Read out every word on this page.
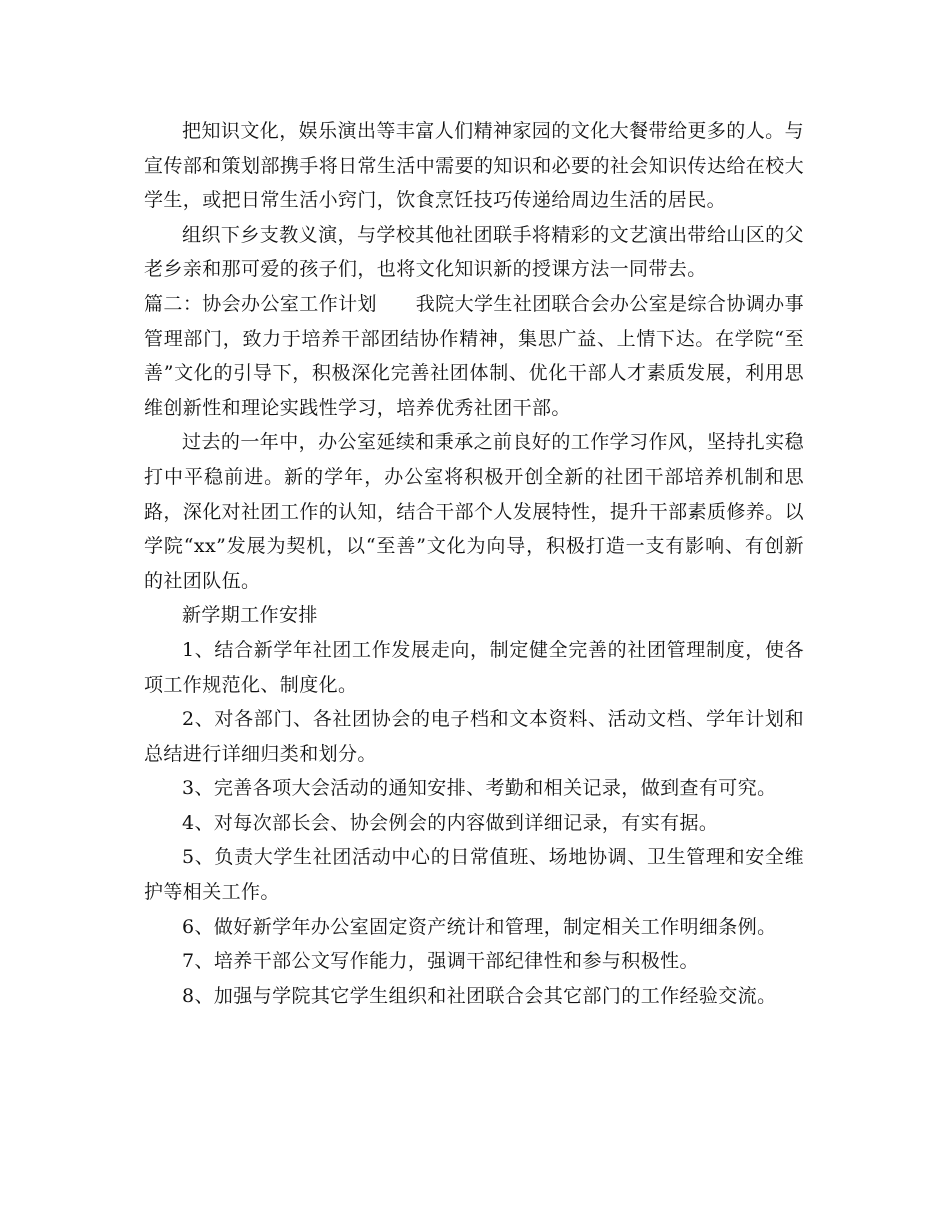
把知识文化，娱乐演出等丰富人们精神家园的文化大餐带给更多的人。与宣传部和策划部携手将日常生活中需要的知识和必要的社会知识传达给在校大学生，或把日常生活小窍门，饮食烹饪技巧传递给周边生活的居民。

组织下乡支教义演，与学校其他社团联手将精彩的文艺演出带给山区的父老乡亲和那可爱的孩子们，也将文化知识新的授课方法一同带去。

篇二：协会办公室工作计划　　 我院大学生社团联合会办公室是综合协调办事管理部门，致力于培养干部团结协作精神，集思广益、上情下达。在学院“至善”文化的引导下，积极深化完善社团体制、优化干部人才素质发展，利用思维创新性和理论实践性学习，培养优秀社团干部。

过去的一年中，办公室延续和秉承之前良好的工作学习作风，坚持扎实稳打中平稳前进。新的学年，办公室将积极开创全新的社团干部培养机制和思路，深化对社团工作的认知，结合干部个人发展特性，提升干部素质修养。以学院“xx”发展为契机，以“至善”文化为向导，积极打造一支有影响、有创新的社团队伍。

新学期工作安排

1、结合新学年社团工作发展走向，制定健全完善的社团管理制度，使各项工作规范化、制度化。

2、对各部门、各社团协会的电子档和文本资料、活动文档、学年计划和总结进行详细归类和划分。

3、完善各项大会活动的通知安排、考勤和相关记录，做到查有可究。

4、对每次部长会、协会例会的内容做到详细记录，有实有据。

5、负责大学生社团活动中心的日常值班、场地协调、卫生管理和安全维护等相关工作。

6、做好新学年办公室固定资产统计和管理，制定相关工作明细条例。

7、培养干部公文写作能力，强调干部纪律性和参与积极性。

8、加强与学院其它学生组织和社团联合会其它部门的工作经验交流。
